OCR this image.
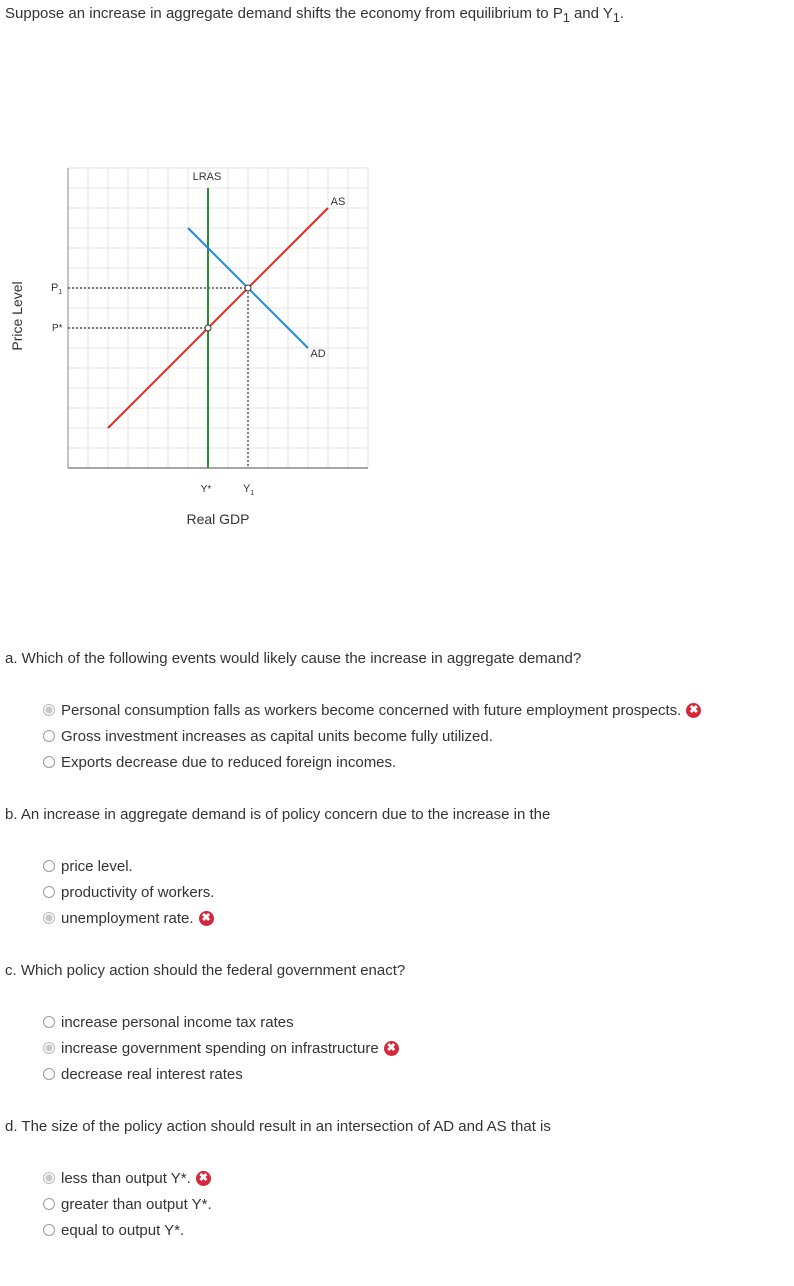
Suppose an increase in aggregate demand shifts the economy from equilibrium to $P_1$ and $Y_1$.
LRAS
AS
AD
$P_1$
P*
Y*	$Y_1$
Real GDP
Price Level
a. Which of the following events would likely cause the increase in aggregate demand?
Personal consumption falls as workers become concerned with future employment prospects. ✖
Gross investment increases as capital units become fully utilized.
Exports decrease due to reduced foreign incomes.
b. An increase in aggregate demand is of policy concern due to the increase in the
price level.
productivity of workers.
unemployment rate. ✖
c. Which policy action should the federal government enact?
increase personal income tax rates
increase government spending on infrastructure ✖
decrease real interest rates
d. The size of the policy action should result in an intersection of AD and AS that is
less than output Y*. ✖
greater than output Y*.
equal to output Y*.
